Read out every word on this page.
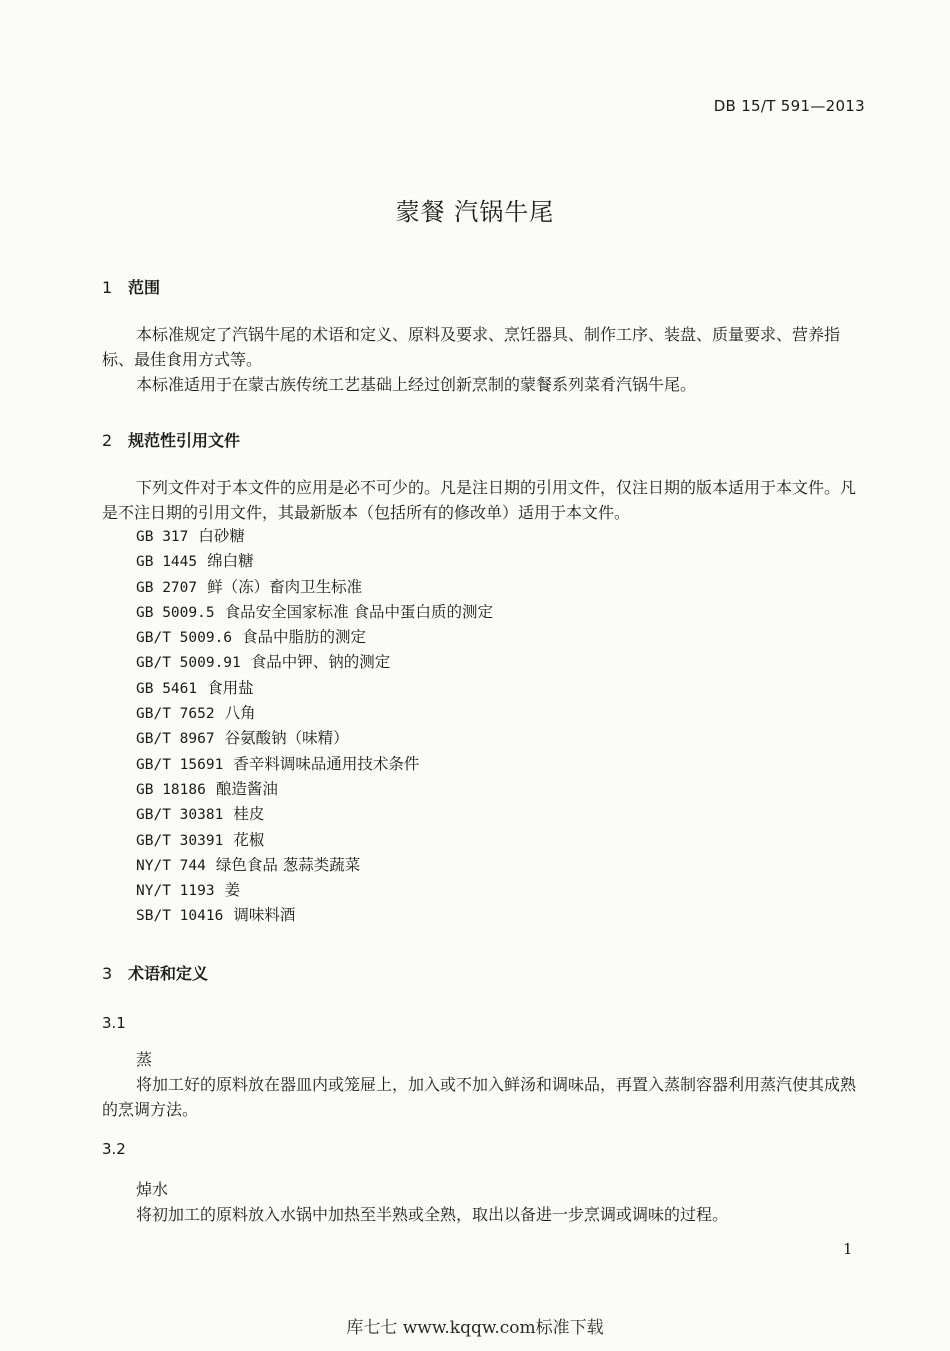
DB 15/T 591—2013
蒙餐 汽锅牛尾
1 范围

本标准规定了汽锅牛尾的术语和定义、原料及要求、烹饪器具、制作工序、装盘、质量要求、营养指标、最佳食用方式等。

本标准适用于在蒙古族传统工艺基础上经过创新烹制的蒙餐系列菜肴汽锅牛尾。

2 规范性引用文件

下列文件对于本文件的应用是必不可少的。凡是注日期的引用文件，仅注日期的版本适用于本文件。凡是不注日期的引用文件，其最新版本（包括所有的修改单）适用于本文件。

GB 317 白砂糖
GB 1445 绵白糖
GB 2707 鲜（冻）畜肉卫生标准
GB 5009.5 食品安全国家标准 食品中蛋白质的测定
GB/T 5009.6 食品中脂肪的测定
GB/T 5009.91 食品中钾、钠的测定
GB 5461 食用盐
GB/T 7652 八角
GB/T 8967 谷氨酸钠（味精）
GB/T 15691 香辛料调味品通用技术条件
GB 18186 酿造酱油
GB/T 30381 桂皮
GB/T 30391 花椒
NY/T 744 绿色食品 葱蒜类蔬菜
NY/T 1193 姜
SB/T 10416 调味料酒
3 术语和定义
3.1
蒸

将加工好的原料放在器皿内或笼屉上，加入或不加入鲜汤和调味品，再置入蒸制容器利用蒸汽使其成熟的烹调方法。

3.2
焯水

将初加工的原料放入水锅中加热至半熟或全熟，取出以备进一步烹调或调味的过程。

1
库七七 www.kqqw.com标准下载
